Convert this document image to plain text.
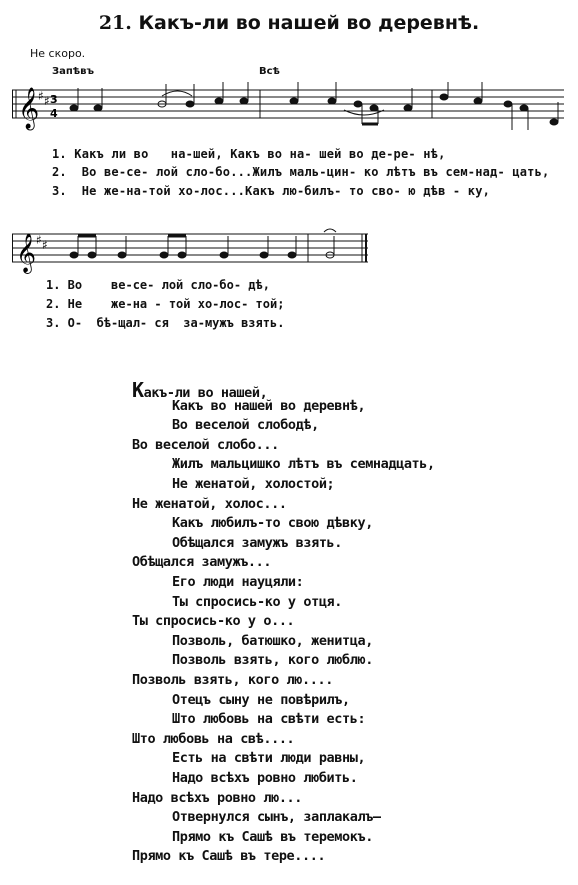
21. Какъ-ли во нашей во деревнѣ.
Не скоро.
Запѣвъ	Всѣ
𝄞
♯ ♯ 3
4
1. Какъ ли во   на-шей, Какъ во на- шей во де-ре- нѣ,
2.  Во ве-се- лой сло-бо...Жилъ маль-цин- ко лѣтъ въ сем-над- цать,
3.  Не же-на-той хо-лос...Какъ лю-билъ- то сво- ю дѣв - ку,
𝄞 ♯ ♯
1. Во    ве-се- лой сло-бо- дѣ,
2. Не    же-на - той хо-лос- той;
3. О-  бѣ-щал- ся  за-мужъ взять.
Какъ-ли во нашей,
Какъ во нашей во деревнѣ,
Во веселой слободѣ,
Во веселой слобо...
Жилъ мальцишко лѣтъ въ семнадцать,
Не женатой, холостой;
Не женатой, холос...
Какъ любилъ-то свою дѣвку,
Обѣщался замужъ взять.
Обѣщался замужъ...
Его люди науцяли:
Ты спросись-ко у отця.
Ты спросись-ко у о...
Позволь, батюшко, женитца,
Позволь взять, кого люблю.
Позволь взять, кого лю....
Отецъ сыну не повѣрилъ,
Што любовь на свѣти есть:
Што любовь на свѣ....
Есть на свѣти люди равны,
Надо всѣхъ ровно любить.
Надо всѣхъ ровно лю...
Отвернулся сынъ, заплакалъ—
Прямо къ Сашѣ въ теремокъ.
Прямо къ Сашѣ въ тере....
